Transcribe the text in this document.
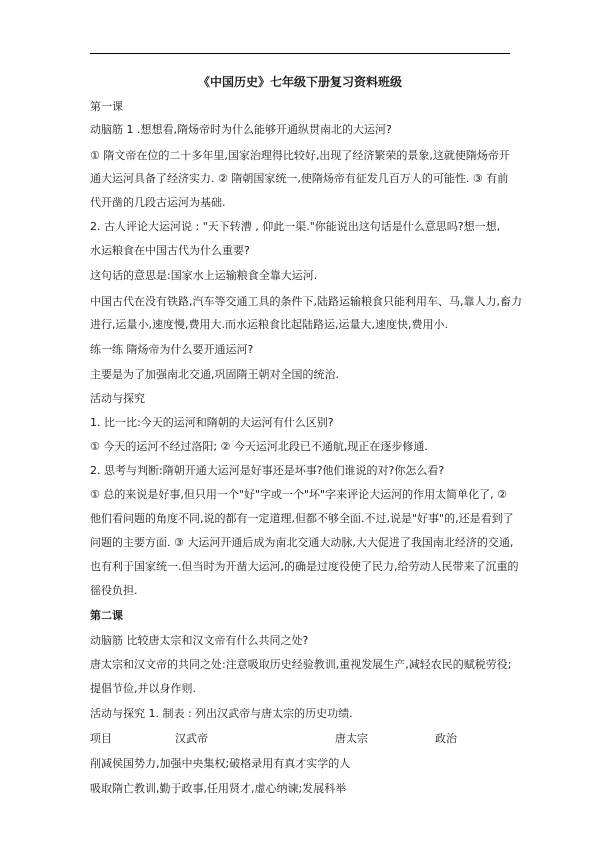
《中国历史》七年级下册复习资料班级
第一课
动脑筋 1 .想想看,隋炀帝时为什么能够开通纵贯南北的大运河?
① 隋文帝在位的二十多年里,国家治理得比较好,出现了经济繁荣的景象,这就使隋炀帝开
通大运河具备了经济实力. ② 隋朝国家统一,使隋炀帝有征发几百万人的可能性. ③ 有前
代开凿的几段古运河为基础.
2. 古人评论大运河说 : "天下转漕 , 仰此一渠."你能说出这句话是什么意思吗?想一想,
水运粮食在中国古代为什么重要?
这句话的意思是:国家水上运输粮食全靠大运河.
中国古代在没有铁路,汽车等交通工具的条件下,陆路运输粮食只能利用车、马,靠人力,畜力
进行,运量小,速度慢,费用大.而水运粮食比起陆路运,运量大,速度快,费用小.
练一练 隋炀帝为什么要开通运河?
主要是为了加强南北交通,巩固隋王朝对全国的统治.
活动与探究
1. 比一比:今天的运河和隋朝的大运河有什么区别?
① 今天的运河不经过洛阳; ② 今天运河北段已不通航,现正在逐步修通.
2. 思考与判断:隋朝开通大运河是好事还是坏事?他们谁说的对?你怎么看?
① 总的来说是好事,但只用一个"好"字或一个"坏"字来评论大运河的作用太简单化了, ②
他们看问题的角度不同,说的都有一定道理,但都不够全面.不过,说是"好事"的,还是看到了
问题的主要方面. ③ 大运河开通后成为南北交通大动脉,大大促进了我国南北经济的交通,
也有利于国家统一.但当时为开凿大运河,的确是过度役使了民力,给劳动人民带来了沉重的
徭役负担.
第二课
动脑筋 比较唐太宗和汉文帝有什么共同之处?
唐太宗和汉文帝的共同之处:注意吸取历史经验教训,重视发展生产,减轻农民的赋税劳役;
提倡节俭,并以身作则.
活动与探究 1. 制表 : 列出汉武帝与唐太宗的历史功绩.
项目	汉武帝	唐太宗	政治
削减侯国势力,加强中央集权;破格录用有真才实学的人
吸取隋亡教训,勤于政事,任用贤才,虚心纳谏;发展科举
